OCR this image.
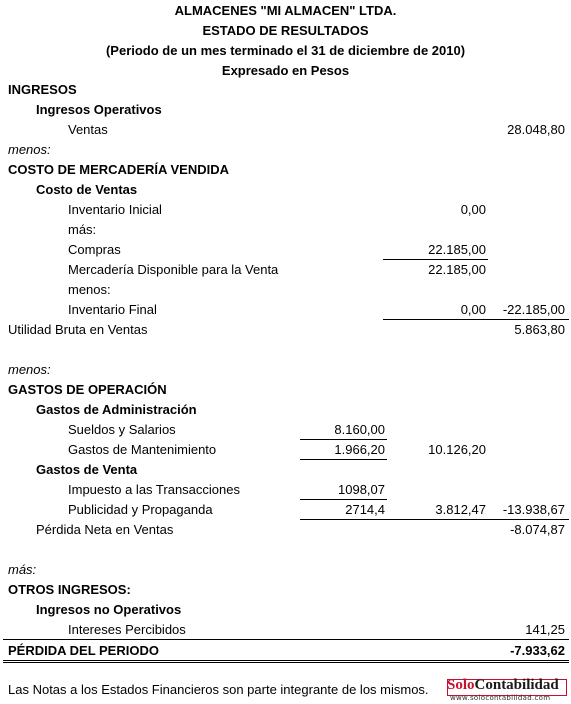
ALMACENES "MI ALMACEN" LTDA.
ESTADO DE RESULTADOS
(Periodo de un mes terminado el 31 de diciembre de 2010)
Expresado en Pesos
INGRESOS
Ingresos Operativos
Ventas	28.048,80
menos:
COSTO DE MERCADERÍA VENDIDA
Costo de Ventas
Inventario Inicial	0,00
más:
Compras	22.185,00
Mercadería Disponible para la Venta	22.185,00
menos:
Inventario Final	0,00 -22.185,00
Utilidad Bruta en Ventas	5.863,80
menos:
GASTOS DE OPERACIÓN
Gastos de Administración
Sueldos y Salarios	8.160,00
Gastos de Mantenimiento	1.966,20	10.126,20
Gastos de Venta
Impuesto a las Transacciones	1098,07
Publicidad y Propaganda	2714,4	3.812,47 -13.938,67
Pérdida Neta en Ventas	-8.074,87
más:
OTROS INGRESOS:
Ingresos no Operativos
Intereses Percibidos	141,25
PÉRDIDA DEL PERIODO	-7.933,62
Las Notas a los Estados Financieros son parte integrante de los mismos. SoloContabilidad
www.solocontabilidad.com
